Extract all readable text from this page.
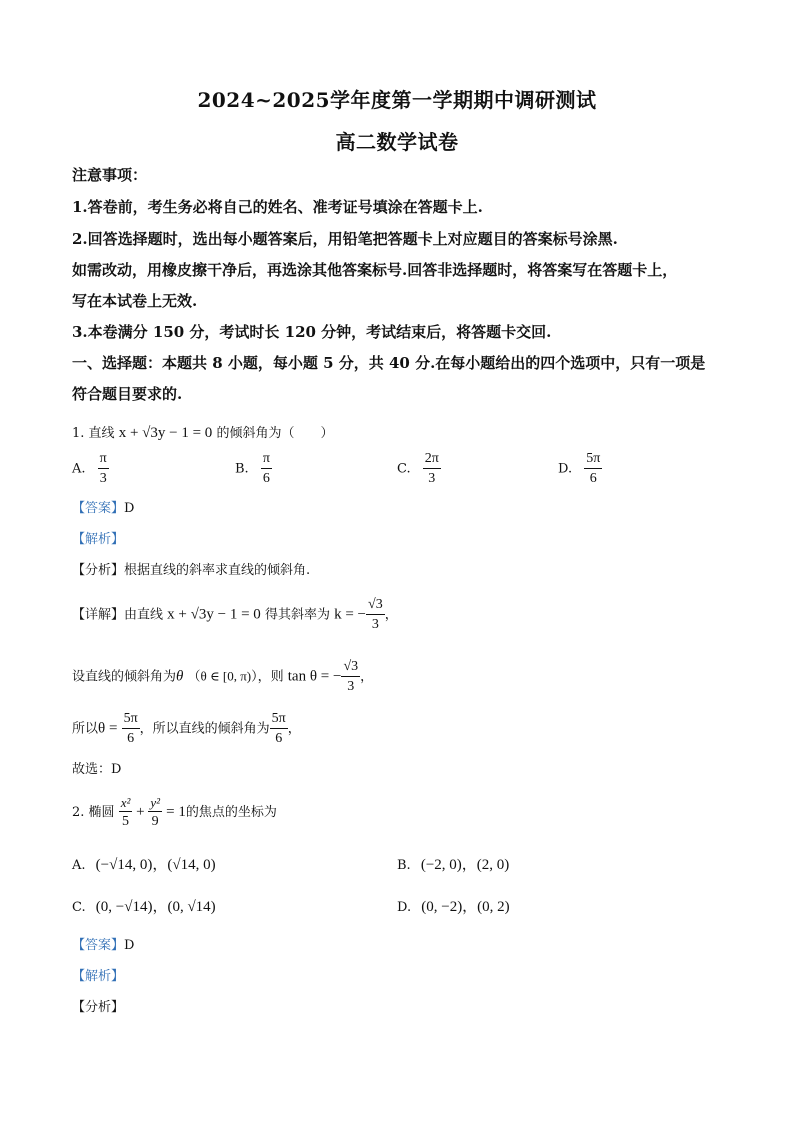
2024~2025学年度第一学期期中调研测试
高二数学试卷
注意事项：
1.答卷前，考生务必将自己的姓名、准考证号填涂在答题卡上.
2.回答选择题时，选出每小题答案后，用铅笔把答题卡上对应题目的答案标号涂黑.
如需改动，用橡皮擦干净后，再选涂其他答案标号.回答非选择题时，将答案写在答题卡上，
写在本试卷上无效.
3.本卷满分 150 分，考试时长 120 分钟，考试结束后，将答题卡交回.
一、选择题：本题共 8 小题，每小题 5 分，共 40 分.在每小题给出的四个选项中，只有一项是
符合题目要求的.
1. 直线 x + √3y − 1 = 0 的倾斜角为（　　）
A. $\frac{\pi}{3}$	B. $\frac{\pi}{6}$	C. $\frac{2\pi}{3}$	D. $\frac{5\pi}{6}$
【答案】D
【解析】
【分析】根据直线的斜率求直线的倾斜角.
【详解】由直线 x + √3y − 1 = 0 得其斜率为 k = − $\frac{√3}{3}$ ，
设直线的倾斜角为θ （θ ∈ [0, π)），则 tan θ = − $\frac{√3}{3}$ ，
所以$\theta = \frac{5\pi}{6}$ ，所以直线的倾斜角为 $\frac{5\pi}{6}$ ，
故选：D
2. 椭圆 $\frac{\text{x²}}{5} + \frac{\text{y²}}{9} = 1$的焦点的坐标为
A. (−√14, 0)，(√14, 0)	B. (−2, 0)，(2, 0)
C. (0, −√14)，(0, √14)	D. (0, −2)，(0, 2)
【答案】D
【解析】
【分析】
